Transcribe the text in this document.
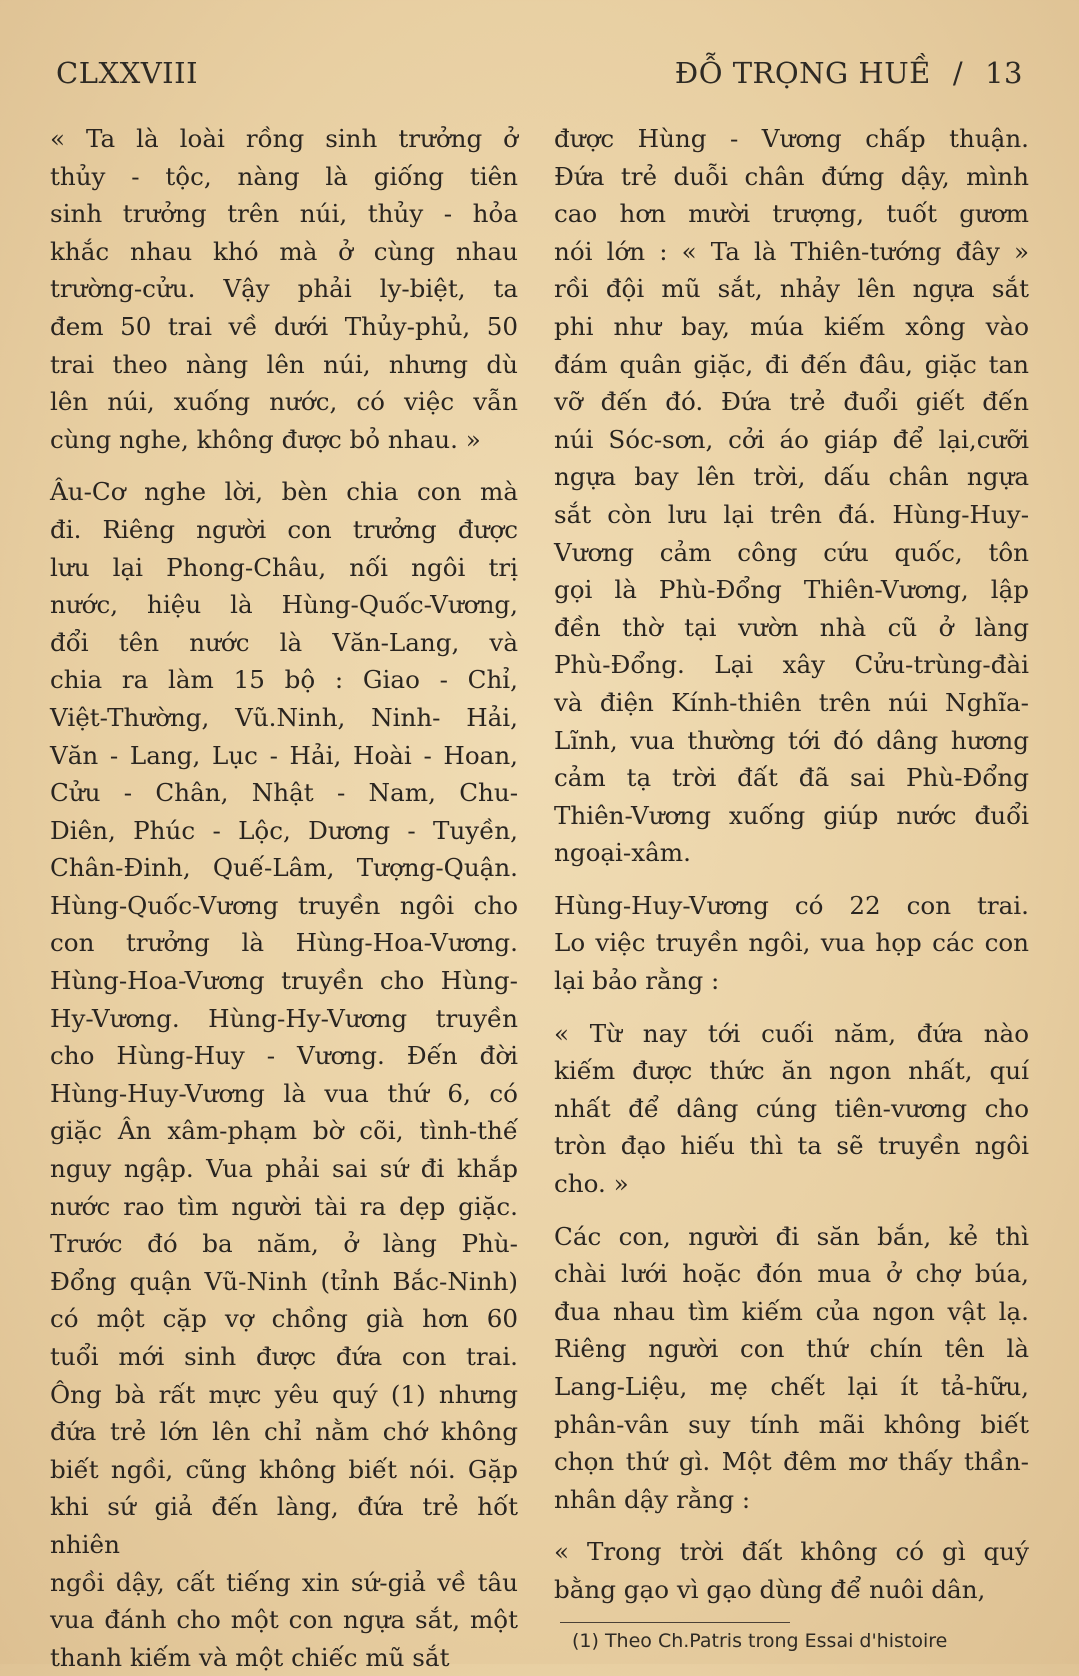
CLXXVIII	ĐỖ TRỌNG HUỀ / 13

« Ta là loài rồng sinh trưởng ở

thủy - tộc, nàng là giống tiên

sinh trưởng trên núi, thủy - hỏa

khắc nhau khó mà ở cùng nhau

trường-cửu. Vậy phải ly-biệt, ta

đem 50 trai về dưới Thủy-phủ, 50

trai theo nàng lên núi, nhưng dù

lên núi, xuống nước, có việc vẫn

cùng nghe, không được bỏ nhau. »

Âu-Cơ nghe lời, bèn chia con mà

đi. Riêng người con trưởng được

lưu lại Phong-Châu, nối ngôi trị

nước, hiệu là Hùng-Quốc-Vương,

đổi tên nước là Văn-Lang, và

chia ra làm 15 bộ : Giao - Chỉ,

Việt-Thường, Vũ.Ninh, Ninh- Hải,

Văn - Lang, Lục - Hải, Hoài - Hoan,

Cửu - Chân, Nhật - Nam, Chu-

Diên, Phúc - Lộc, Dương - Tuyền,

Chân-Đinh, Quế-Lâm, Tượng-Quận.

Hùng-Quốc-Vương truyền ngôi cho

con trưởng là Hùng-Hoa-Vương.

Hùng-Hoa-Vương truyền cho Hùng-

Hy-Vương. Hùng-Hy-Vương truyền

cho Hùng-Huy - Vương. Đến đời

Hùng-Huy-Vương là vua thứ 6, có

giặc Ân xâm-phạm bờ cõi, tình-thế

nguy ngập. Vua phải sai sứ đi khắp

nước rao tìm người tài ra dẹp giặc.

Trước đó ba năm, ở làng Phù-

Đổng quận Vũ-Ninh (tỉnh Bắc-Ninh)

có một cặp vợ chồng già hơn 60

tuổi mới sinh được đứa con trai.

Ông bà rất mực yêu quý (1) nhưng

đứa trẻ lớn lên chỉ nằm chớ không

biết ngồi, cũng không biết nói. Gặp

khi sứ giả đến làng, đứa trẻ hốt nhiên

ngồi dậy, cất tiếng xin sứ-giả về tâu

vua đánh cho một con ngựa sắt, một

thanh kiếm và một chiếc mũ sắt

được Hùng - Vương chấp thuận.

Đứa trẻ duỗi chân đứng dậy, mình

cao hơn mười trượng, tuốt gươm

nói lớn : « Ta là Thiên-tướng đây »

rồi đội mũ sắt, nhảy lên ngựa sắt

phi như bay, múa kiếm xông vào

đám quân giặc, đi đến đâu, giặc tan

vỡ đến đó. Đứa trẻ đuổi giết đến

núi Sóc-sơn, cởi áo giáp để lại,cưỡi

ngựa bay lên trời, dấu chân ngựa

sắt còn lưu lại trên đá. Hùng-Huy-

Vương cảm công cứu quốc, tôn

gọi là Phù-Đổng Thiên-Vương, lập

đền thờ tại vườn nhà cũ ở làng

Phù-Đổng. Lại xây Cửu-trùng-đài

và điện Kính-thiên trên núi Nghĩa-

Lĩnh, vua thường tới đó dâng hương

cảm tạ trời đất đã sai Phù-Đổng

Thiên-Vương xuống giúp nước đuổi

ngoại-xâm.

Hùng-Huy-Vương có 22 con trai.

Lo việc truyền ngôi, vua họp các con

lại bảo rằng :

« Từ nay tới cuối năm, đứa nào

kiếm được thức ăn ngon nhất, quí

nhất để dâng cúng tiên-vương cho

tròn đạo hiếu thì ta sẽ truyền ngôi

cho. »

Các con, người đi săn bắn, kẻ thì

chài lưới hoặc đón mua ở chợ búa,

đua nhau tìm kiếm của ngon vật lạ.

Riêng người con thứ chín tên là

Lang-Liệu, mẹ chết lại ít tả-hữu,

phân-vân suy tính mãi không biết

chọn thứ gì. Một đêm mơ thấy thần-

nhân dậy rằng :

« Trong trời đất không có gì quý

bằng gạo vì gạo dùng để nuôi dân,

(1) Theo Ch.Patris trong Essai d'histoire
